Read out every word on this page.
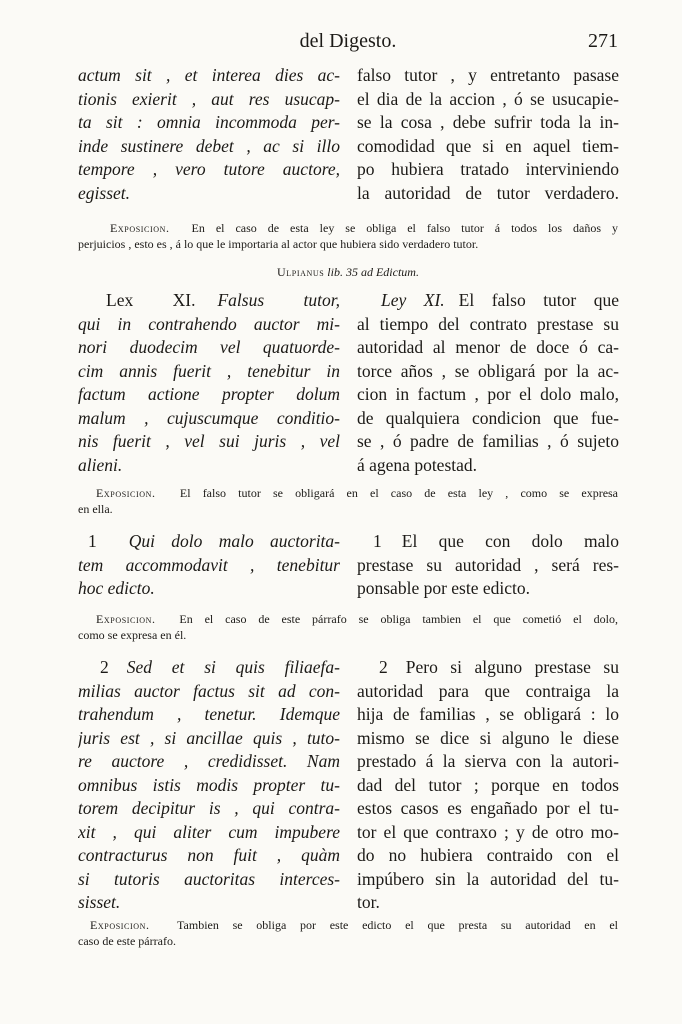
del Digesto.	271
actum sit , et interea dies ac-
tionis exierit , aut res usucap-
ta sit : omnia incommoda per-
inde sustinere debet , ac si illo
tempore , vero tutore auctore,
egisset.
falso tutor , y entretanto pasase
el dia de la accion , ó se usucapie-
se la cosa , debe sufrir toda la in-
comodidad que si en aquel tiem-
po hubiera tratado interviniendo
la autoridad de tutor verdadero.
Exposicion. En el caso de esta ley se obliga el falso tutor á todos los daños y
perjuicios , esto es , á lo que le importaria al actor que hubiera sido verdadero tutor.
Ulpianus lib. 35 ad Edictum.
Lex XI. Falsus tutor,
qui in contrahendo auctor mi-
nori duodecim vel quatuorde-
cim annis fuerit , tenebitur in
factum actione propter dolum
malum , cujuscumque conditio-
nis fuerit , vel sui juris , vel
alieni.
Ley XI. El falso tutor que
al tiempo del contrato prestase su
autoridad al menor de doce ó ca-
torce años , se obligará por la ac-
cion in factum , por el dolo malo,
de qualquiera condicion que fue-
se , ó padre de familias , ó sujeto
á agena potestad.
Exposicion. El falso tutor se obligará en el caso de esta ley , como se expresa
en ella.
1 Qui dolo malo auctorita-
tem accommodavit , tenebitur
hoc edicto.
1 El que con dolo malo
prestase su autoridad , será res-
ponsable por este edicto.
Exposicion. En el caso de este párrafo se obliga tambien el que cometió el dolo,
como se expresa en él.
2 Sed et si quis filiaefa-
milias auctor factus sit ad con-
trahendum , tenetur. Idemque
juris est , si ancillae quis , tuto-
re auctore , credidisset. Nam
omnibus istis modis propter tu-
torem decipitur is , qui contra-
xit , qui aliter cum impubere
contracturus non fuit , quàm
si tutoris auctoritas interces-
sisset.
2 Pero si alguno prestase su
autoridad para que contraiga la
hija de familias , se obligará : lo
mismo se dice si alguno le diese
prestado á la sierva con la autori-
dad del tutor ; porque en todos
estos casos es engañado por el tu-
tor el que contraxo ; y de otro mo-
do no hubiera contraido con el
impúbero sin la autoridad del tu-
tor.
Exposicion. Tambien se obliga por este edicto el que presta su autoridad en el
caso de este párrafo.
